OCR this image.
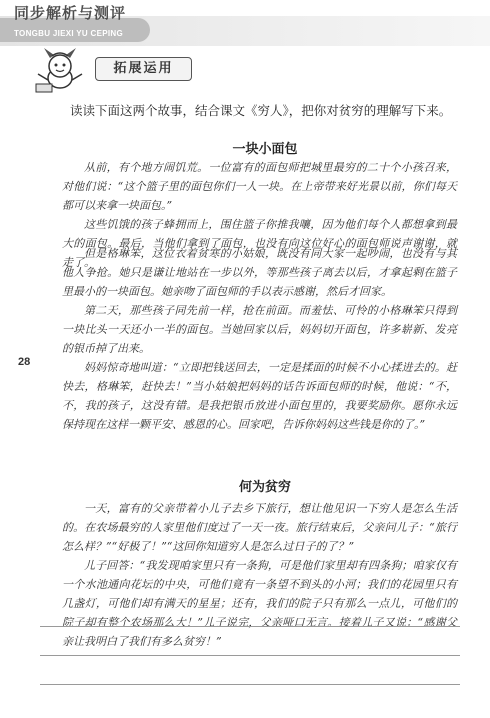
同步解析与测评
TONGBU JIEXI YU CEPING
拓展运用
读读下面这两个故事，结合课文《穷人》，把你对贫穷的理解写下来。
一块小面包

从前，有个地方闹饥荒。一位富有的面包师把城里最穷的二十个小孩召来，对他们说：“这个篮子里的面包你们一人一块。在上帝带来好光景以前，你们每天都可以来拿一块面包。”

这些饥饿的孩子蜂拥而上，围住篮子你推我嚷，因为他们每个人都想拿到最大的面包。最后，当他们拿到了面包，也没有向这位好心的面包师说声谢谢，就走了。

但是格琳笨，这位衣着贫寒的小姑娘，既没有同大家一起吵闹，也没有与其他人争抢。她只是谦让地站在一步以外，等那些孩子离去以后，才拿起剩在篮子里最小的一块面包。她亲吻了面包师的手以表示感谢，然后才回家。

第二天，那些孩子同先前一样，抢在前面。而羞怯、可怜的小格琳笨只得到一块比头一天还小一半的面包。当她回家以后，妈妈切开面包，许多崭新、发亮的银币掉了出来。

妈妈惊奇地叫道：“立即把钱送回去，一定是揉面的时候不小心揉进去的。赶快去，格琳笨，赶快去！”当小姑娘把妈妈的话告诉面包师的时候，他说：“不，不，我的孩子，这没有错。是我把银币放进小面包里的，我要奖励你。愿你永远保持现在这样一颗平安、感恩的心。回家吧，告诉你妈妈这些钱是你的了。”

28
何为贫穷

一天，富有的父亲带着小儿子去乡下旅行，想让他见识一下穷人是怎么生活的。在农场最穷的人家里他们度过了一天一夜。旅行结束后，父亲问儿子：“旅行怎么样？”“好极了！”“这回你知道穷人是怎么过日子的了？”

儿子回答：“我发现咱家里只有一条狗，可是他们家里却有四条狗；咱家仅有一个水池通向花坛的中央，可他们竟有一条望不到头的小河；我们的花园里只有几盏灯，可他们却有满天的星星；还有，我们的院子只有那么一点儿，可他们的院子却有整个农场那么大！”儿子说完，父亲哑口无言。接着儿子又说：“感谢父亲让我明白了我们有多么贫穷！”
